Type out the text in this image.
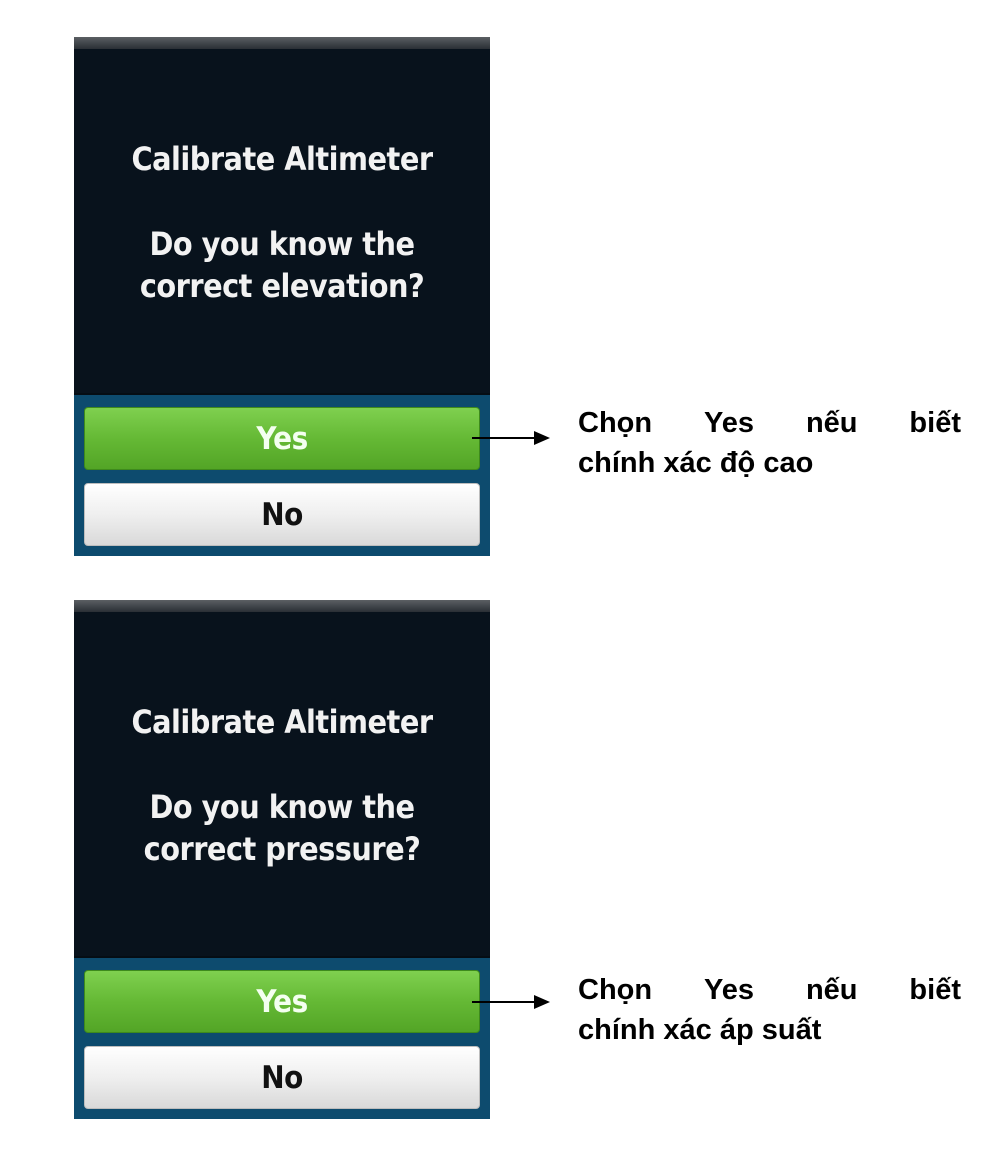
Calibrate Altimeter
Do you know the
correct elevation?
Yes
No
Chọn Yes nếu biết
chính xác độ cao
Calibrate Altimeter
Do you know the
correct pressure?
Yes
No
Chọn Yes nếu biết
chính xác áp suất
